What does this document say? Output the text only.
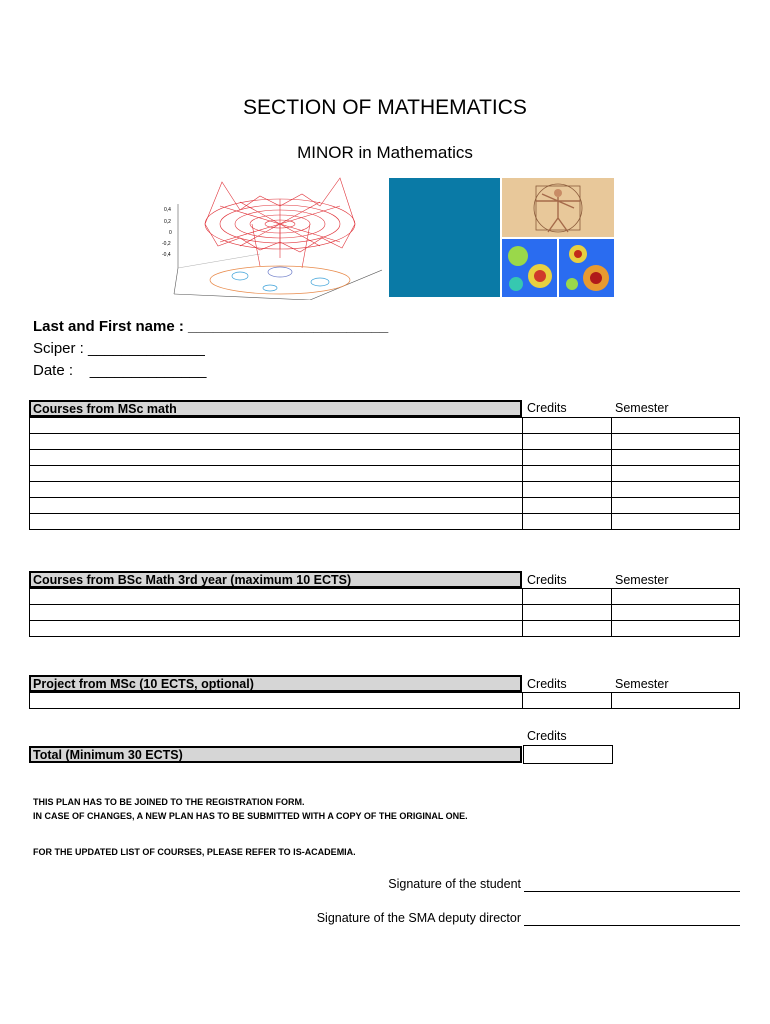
SECTION OF MATHEMATICS
MINOR in Mathematics
0,4
0,2
0
-0,2
-0,4
Last and First name : ________________________
Sciper : ______________
Date :    ______________
Courses from MSc math	Credits	Semester

Courses from BSc Math 3rd year (maximum 10 ECTS)	Credits	Semester

Project from MSc (10 ECTS, optional)	Credits	Semester

Credits
Total (Minimum 30 ECTS)
THIS PLAN HAS TO BE JOINED TO THE REGISTRATION FORM.
IN CASE OF CHANGES, A NEW PLAN HAS TO BE SUBMITTED WITH A COPY OF THE ORIGINAL ONE.
FOR THE UPDATED LIST OF COURSES, PLEASE REFER TO IS-ACADEMIA.
Signature of the student
Signature of the SMA deputy director
